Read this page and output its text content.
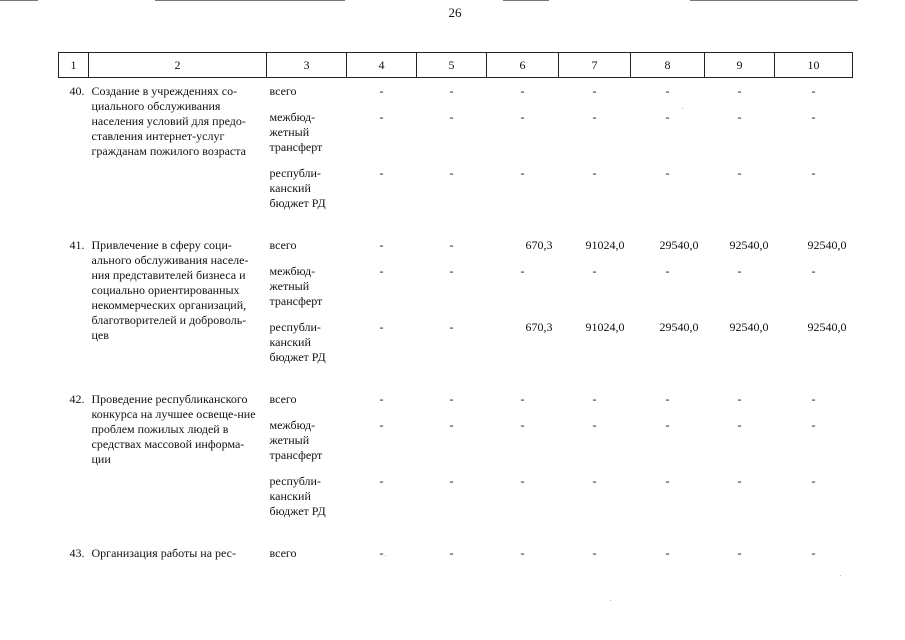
26
1	2	3	4	5	6	7	8	9	10

40.	Создание в учреждениях со-циального обслуживания населения условий для предо-ставления интернет-услуг гражданам пожилого возраста	всего	-	-	-	-	-	-	-
		межбюд-жетный трансферт	-	-	-	-	-	-	-
		республи-канский бюджет РД	-	-	-	-	-	-	-

41.	Привлечение в сферу соци-ального обслуживания населе-ния представителей бизнеса и социально ориентированных некоммерческих организаций, благотворителей и доброволь-цев	всего	-	-	670,3	91024,0	29540,0	92540,0	92540,0
		межбюд-жетный трансферт	-	-	-	-	-	-	-
		республи-канский бюджет РД	-	-	670,3	91024,0	29540,0	92540,0	92540,0

42.	Проведение республиканского конкурса на лучшее освеще-ние проблем пожилых людей в средствах массовой информа-ции	всего	-	-	-	-	-	-	-
		межбюд-жетный трансферт	-	-	-	-	-	-	-
		республи-канский бюджет РД	-	-	-	-	-	-	-

43.	Организация работы на рес-	всего	-	-	-	-	-	-	-
